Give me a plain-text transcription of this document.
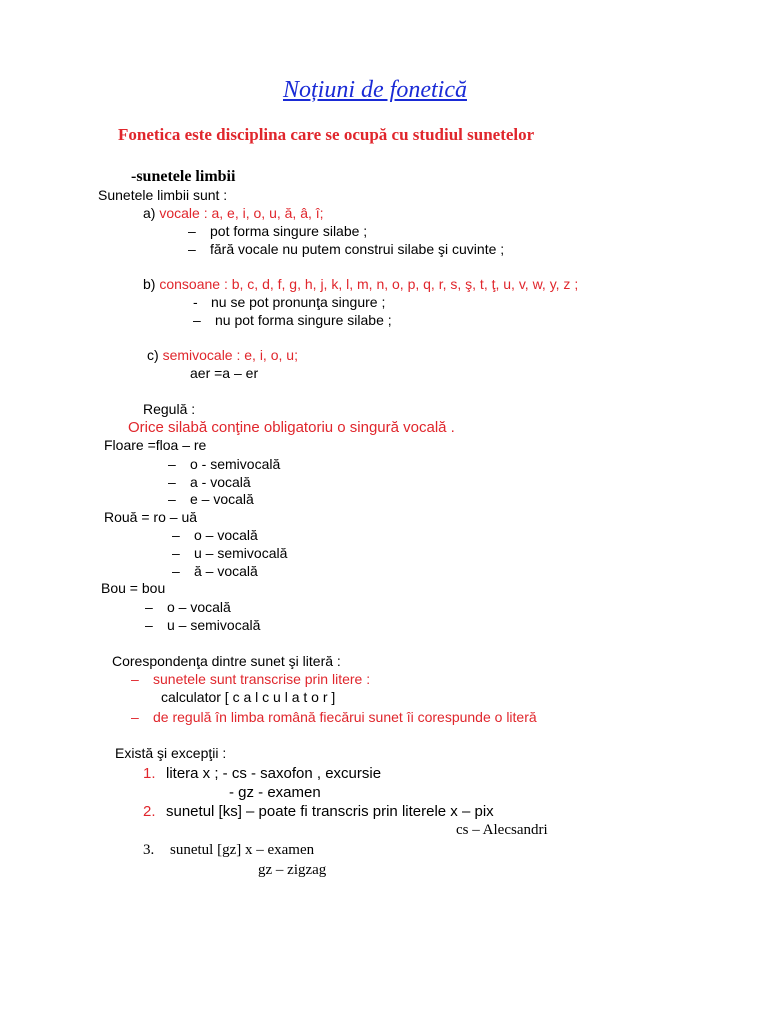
Noțiuni de fonetică
Fonetica este disciplina care se ocupă cu studiul sunetelor
-sunetele limbii
Sunetele limbii sunt :
a) vocale : a, e, i, o, u, ă, â, î;
– pot forma singure silabe ;
– fără vocale nu putem construi silabe şi cuvinte ;
b) consoane : b, c, d, f, g, h, j, k, l, m, n, o, p, q, r, s, ş, t, ţ, u, v, w, y, z ;
- nu se pot pronunţa singure ;
– nu pot forma singure silabe ;
c) semivocale : e, i, o, u;
aer =a – er
Regulă :
Orice silabă conţine obligatoriu o singură vocală .
Floare =floa – re
– o - semivocală
– a - vocală
– e – vocală
Rouă = ro – uă
– o – vocală
– u – semivocală
– ă – vocală
Bou = bou
– o – vocală
– u – semivocală
Corespondenţa dintre sunet şi literă :
– sunetele sunt transcrise prin litere :
calculator [ c a l c u l a t o r ]
– de regulă în limba română fiecărui sunet îi corespunde o literă
Există şi excepţii :
1. litera x ; - cs - saxofon , excursie
- gz - examen
2. sunetul [ks] – poate fi transcris prin literele x – pix
cs – Alecsandri
3. sunetul [gz] x – examen
gz – zigzag
